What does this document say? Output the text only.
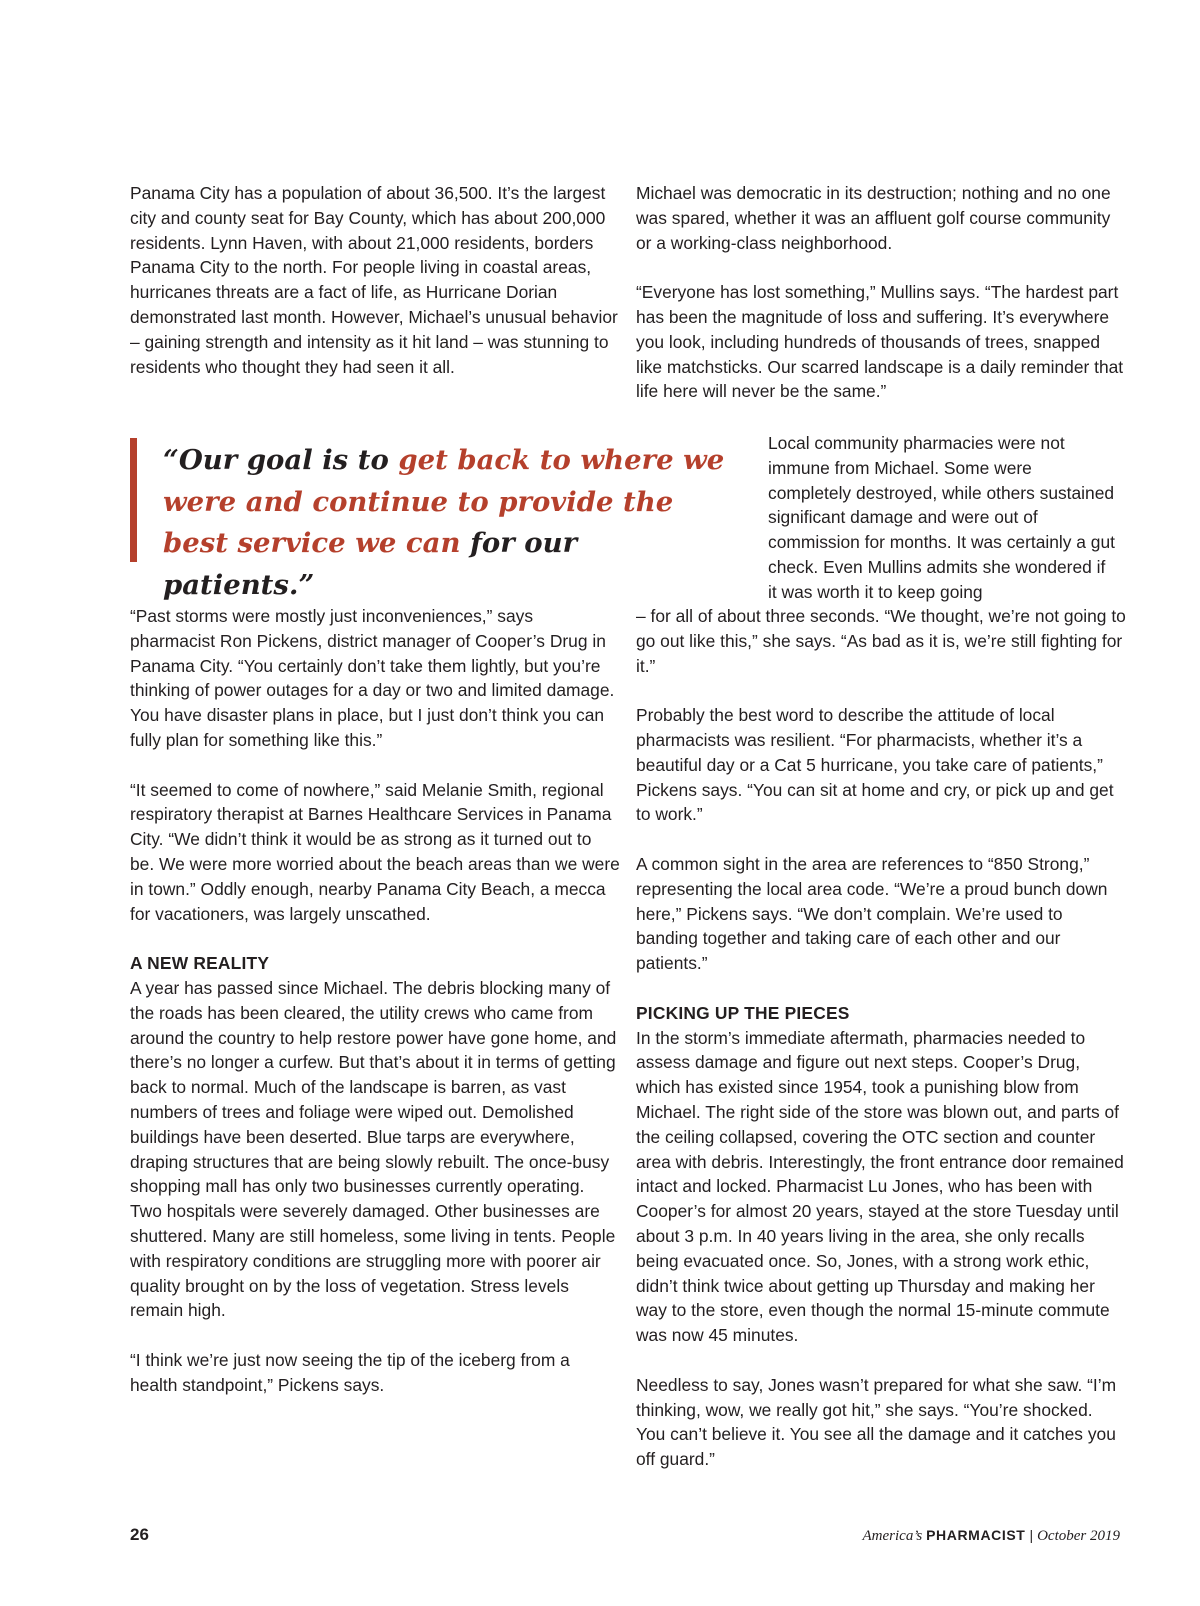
Panama City has a population of about 36,500. It’s the largest city and county seat for Bay County, which has about 200,000 residents. Lynn Haven, with about 21,000 residents, borders Panama City to the north. For people living in coastal areas, hurricanes threats are a fact of life, as Hurricane Dorian demonstrated last month. However, Michael’s unusual behavior – gaining strength and intensity as it hit land – was stunning to residents who thought they had seen it all.

Michael was democratic in its destruction; nothing and no one was spared, whether it was an affluent golf course community or a working-class neighborhood.

“Everyone has lost something,” Mullins says. “The hardest part has been the magnitude of loss and suffering. It’s everywhere you look, including hundreds of thousands of trees, snapped like matchsticks. Our scarred landscape is a daily reminder that life here will never be the same.”

“Our goal is to get back to where we were and continue to provide the best service we can for our patients.”

Local community pharmacies were not immune from Michael. Some were completely destroyed, while others sustained significant damage and were out of commission for months. It was certainly a gut check. Even Mullins admits she wondered if it was worth it to keep going

“Past storms were mostly just inconveniences,” says pharmacist Ron Pickens, district manager of Cooper’s Drug in Panama City. “You certainly don’t take them lightly, but you’re thinking of power outages for a day or two and limited damage. You have disaster plans in place, but I just don’t think you can fully plan for something like this.”

“It seemed to come of nowhere,” said Melanie Smith, regional respiratory therapist at Barnes Healthcare Services in Panama City. “We didn’t think it would be as strong as it turned out to be. We were more worried about the beach areas than we were in town.” Oddly enough, nearby Panama City Beach, a mecca for vacationers, was largely unscathed.

A NEW REALITY

A year has passed since Michael. The debris blocking many of the roads has been cleared, the utility crews who came from around the country to help restore power have gone home, and there’s no longer a curfew. But that’s about it in terms of getting back to normal. Much of the landscape is barren, as vast numbers of trees and foliage were wiped out. Demolished buildings have been deserted. Blue tarps are everywhere, draping structures that are being slowly rebuilt. The once-busy shopping mall has only two businesses currently operating. Two hospitals were severely damaged. Other businesses are shuttered. Many are still homeless, some living in tents. People with respiratory conditions are struggling more with poorer air quality brought on by the loss of vegetation. Stress levels remain high.

“I think we’re just now seeing the tip of the iceberg from a health standpoint,” Pickens says.

– for all of about three seconds. “We thought, we’re not going to go out like this,” she says. “As bad as it is, we’re still fighting for it.”

Probably the best word to describe the attitude of local pharmacists was resilient. “For pharmacists, whether it’s a beautiful day or a Cat 5 hurricane, you take care of patients,” Pickens says. “You can sit at home and cry, or pick up and get to work.”

A common sight in the area are references to “850 Strong,” representing the local area code. “We’re a proud bunch down here,” Pickens says. “We don’t complain. We’re used to banding together and taking care of each other and our patients.”

PICKING UP THE PIECES

In the storm’s immediate aftermath, pharmacies needed to assess damage and figure out next steps. Cooper’s Drug, which has existed since 1954, took a punishing blow from Michael. The right side of the store was blown out, and parts of the ceiling collapsed, covering the OTC section and counter area with debris. Interestingly, the front entrance door remained intact and locked. Pharmacist Lu Jones, who has been with Cooper’s for almost 20 years, stayed at the store Tuesday until about 3 p.m. In 40 years living in the area, she only recalls being evacuated once. So, Jones, with a strong work ethic, didn’t think twice about getting up Thursday and making her way to the store, even though the normal 15-minute commute was now 45 minutes.

Needless to say, Jones wasn’t prepared for what she saw. “I’m thinking, wow, we really got hit,” she says. “You’re shocked. You can’t believe it. You see all the damage and it catches you off guard.”

26	America’s PHARMACIST | October 2019
